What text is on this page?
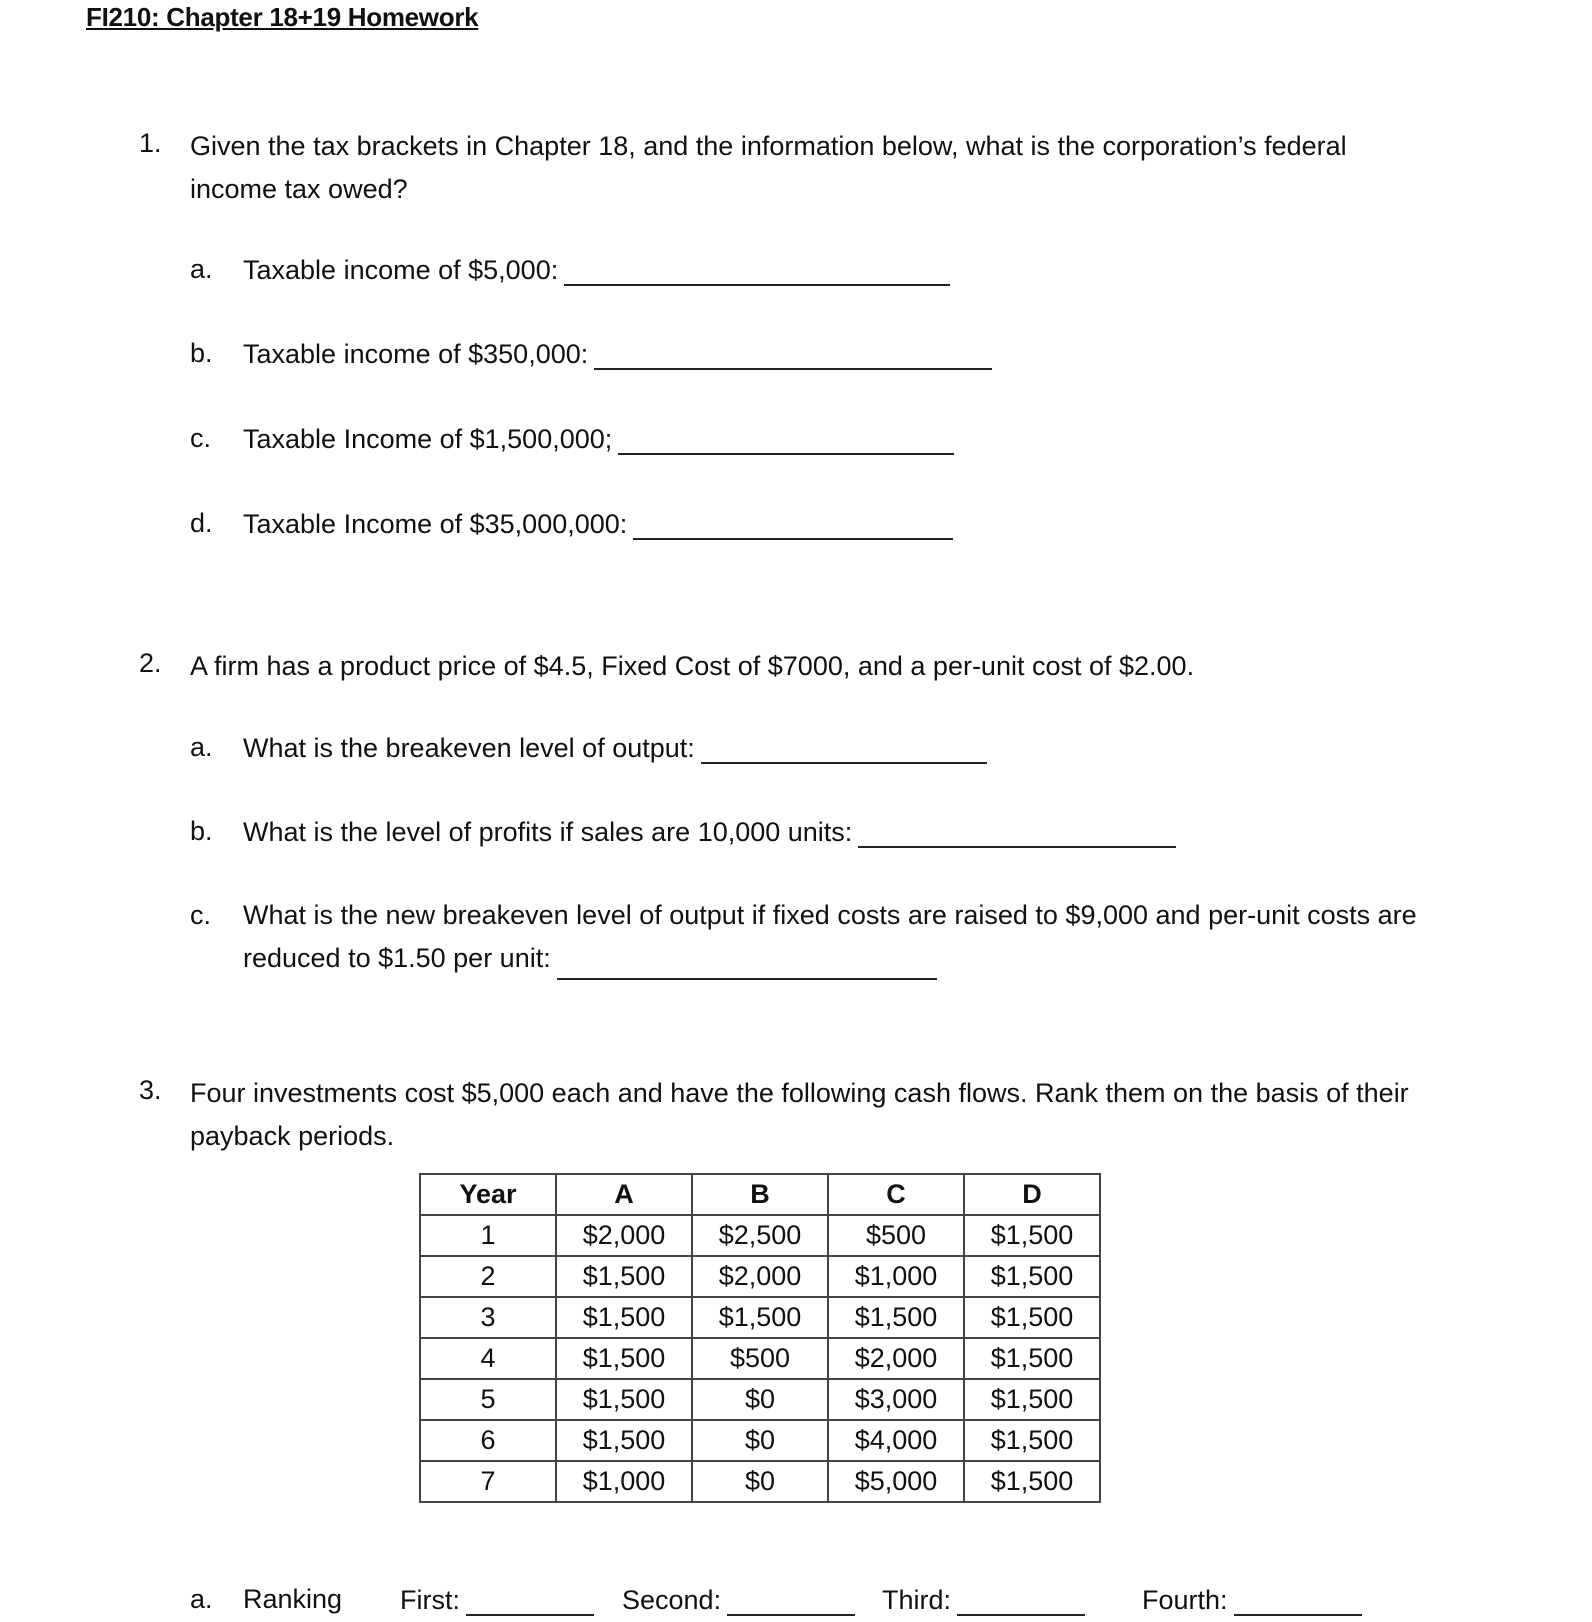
FI210: Chapter 18+19 Homework
1. Given the tax brackets in Chapter 18, and the information below, what is the corporation’s federal income tax owed?
a. Taxable income of $5,000:
b. Taxable income of $350,000:
c. Taxable Income of $1,500,000;
d. Taxable Income of $35,000,000:
2. A firm has a product price of $4.5, Fixed Cost of $7000, and a per-unit cost of $2.00.
a. What is the breakeven level of output:
b. What is the level of profits if sales are 10,000 units:
c. What is the new breakeven level of output if fixed costs are raised to $9,000 and per-unit costs are reduced to $1.50 per unit:
3. Four investments cost $5,000 each and have the following cash flows. Rank them on the basis of their payback periods.
Year	A	B	C	D
1	$2,000	$2,500	$500	$1,500
2	$1,500	$2,000	$1,000	$1,500
3	$1,500	$1,500	$1,500	$1,500
4	$1,500	$500	$2,000	$1,500
5	$1,500	$0	$3,000	$1,500
6	$1,500	$0	$4,000	$1,500
7	$1,000	$0	$5,000	$1,500
a. Ranking First:	Second:	Third:	Fourth:
